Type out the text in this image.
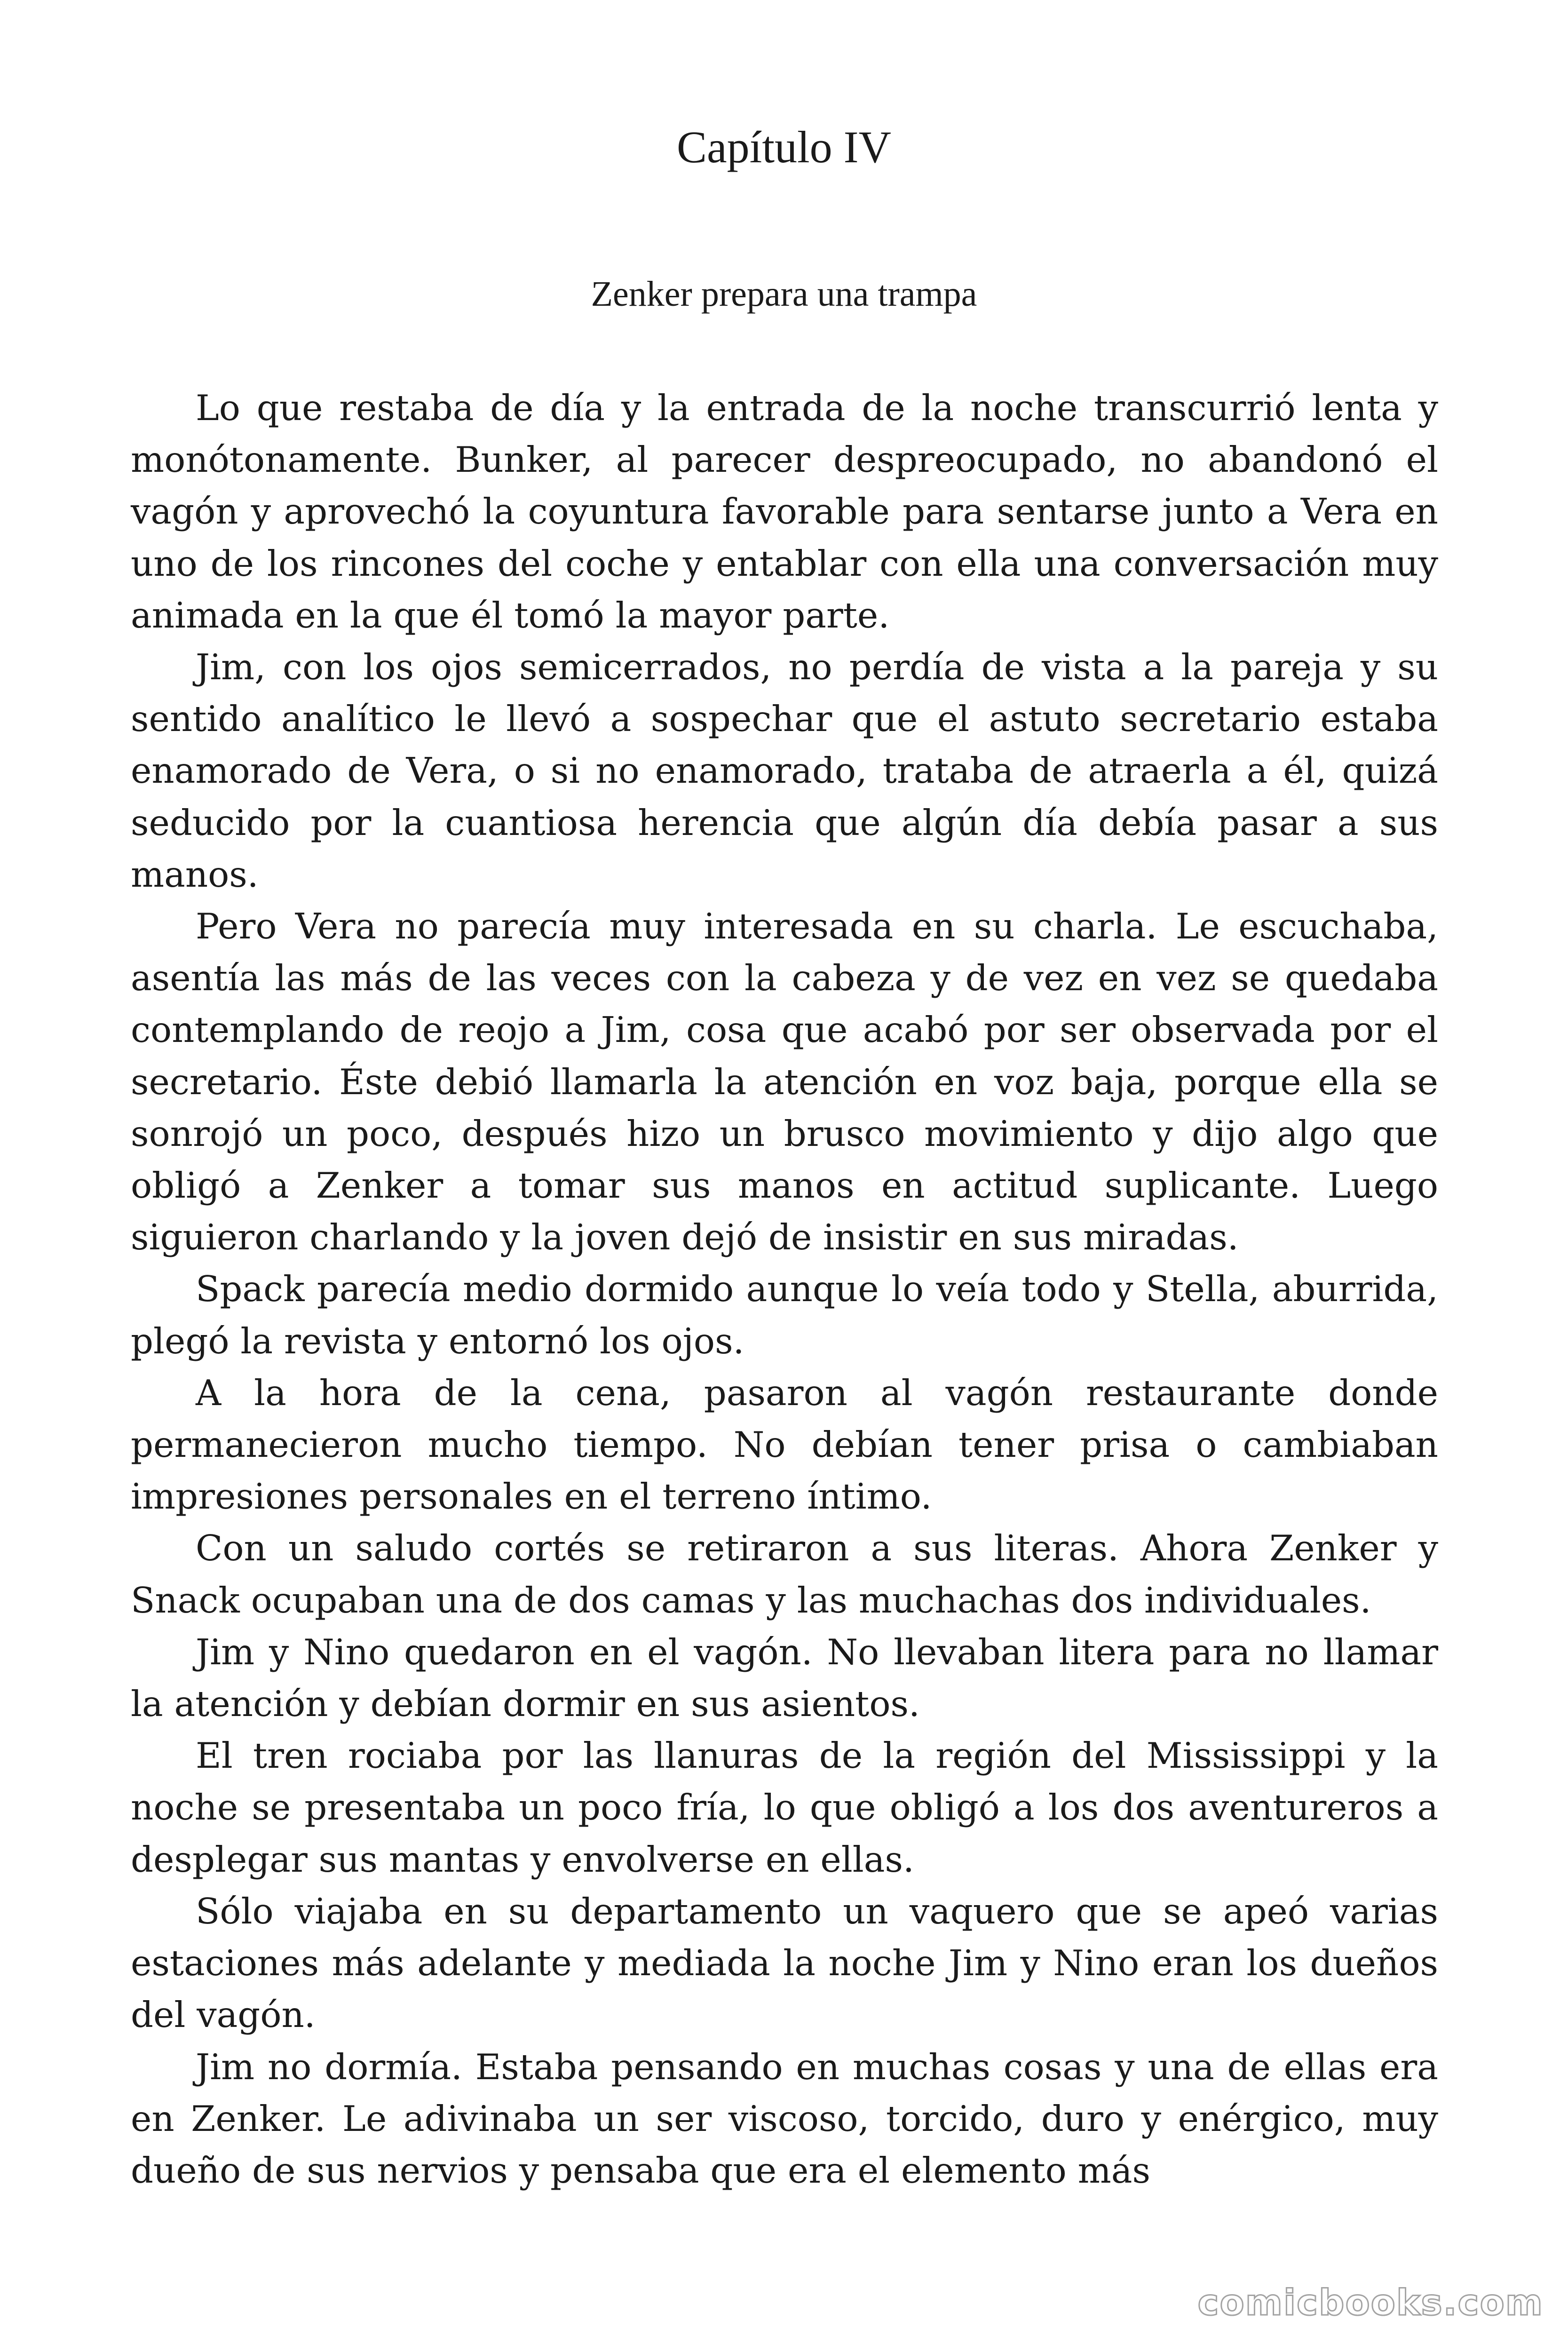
Capítulo IV
Zenker prepara una trampa

Lo que restaba de día y la entrada de la noche transcurrió lenta y monótonamente. Bunker, al parecer despreocupado, no abandonó el vagón y aprovechó la coyuntura favorable para sentarse junto a Vera en uno de los rincones del coche y entablar con ella una conversación muy animada en la que él tomó la mayor parte.

Jim, con los ojos semicerrados, no perdía de vista a la pareja y su sentido analítico le llevó a sospechar que el astuto secretario estaba enamorado de Vera, o si no enamorado, trataba de atraerla a él, quizá seducido por la cuantiosa herencia que algún día debía pasar a sus manos.

Pero Vera no parecía muy interesada en su charla. Le escuchaba, asentía las más de las veces con la cabeza y de vez en vez se quedaba contemplando de reojo a Jim, cosa que acabó por ser observada por el secretario. Éste debió llamarla la atención en voz baja, porque ella se sonrojó un poco, después hizo un brusco movimiento y dijo algo que obligó a Zenker a tomar sus manos en actitud suplicante. Luego siguieron charlando y la joven dejó de insistir en sus miradas.

Spack parecía medio dormido aunque lo veía todo y Stella, aburrida, plegó la revista y entornó los ojos.

A la hora de la cena, pasaron al vagón restaurante donde permanecieron mucho tiempo. No debían tener prisa o cambiaban impresiones personales en el terreno íntimo.

Con un saludo cortés se retiraron a sus literas. Ahora Zenker y Snack ocupaban una de dos camas y las muchachas dos individuales.

Jim y Nino quedaron en el vagón. No llevaban litera para no llamar la atención y debían dormir en sus asientos.

El tren rociaba por las llanuras de la región del Mississippi y la noche se presentaba un poco fría, lo que obligó a los dos aventureros a desplegar sus mantas y envolverse en ellas.

Sólo viajaba en su departamento un vaquero que se apeó varias estaciones más adelante y mediada la noche Jim y Nino eran los dueños del vagón.

Jim no dormía. Estaba pensando en muchas cosas y una de ellas era en Zenker. Le adivinaba un ser viscoso, torcido, duro y enérgico, muy dueño de sus nervios y pensaba que era el elemento más

comicbooks.com
